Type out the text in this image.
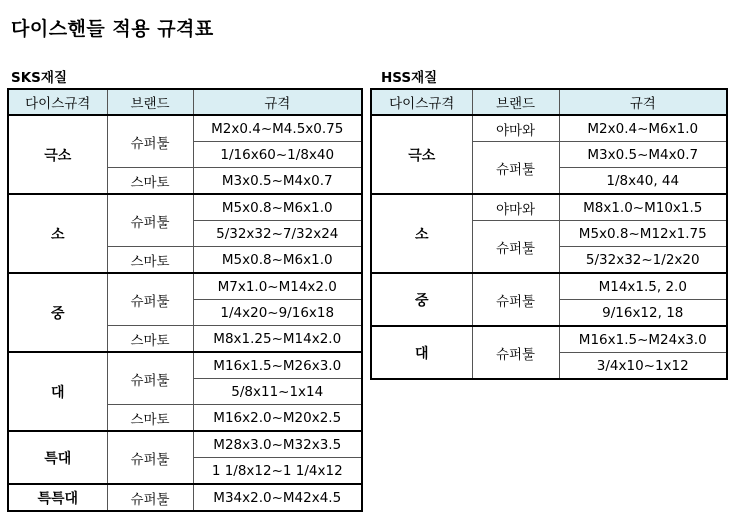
다이스핸들 적용 규격표
SKS재질
다이스규격	브랜드	규격
극소	슈퍼툴	M2x0.4~M4.5x0.75
		1/16x60~1/8x40
	스마토	M3x0.5~M4x0.7
소	슈퍼툴	M5x0.8~M6x1.0
		5/32x32~7/32x24
	스마토	M5x0.8~M6x1.0
중	슈퍼툴	M7x1.0~M14x2.0
		1/4x20~9/16x18
	스마토	M8x1.25~M14x2.0
대	슈퍼툴	M16x1.5~M26x3.0
		5/8x11~1x14
	스마토	M16x2.0~M20x2.5
특대	슈퍼툴	M28x3.0~M32x3.5
		1 1/8x12~1 1/4x12
특특대	슈퍼툴	M34x2.0~M42x4.5
HSS재질
다이스규격	브랜드	규격
극소	야마와	M2x0.4~M6x1.0
	슈퍼툴	M3x0.5~M4x0.7
		1/8x40, 44
소	야마와	M8x1.0~M10x1.5
	슈퍼툴	M5x0.8~M12x1.75
		5/32x32~1/2x20
중	슈퍼툴	M14x1.5, 2.0
		9/16x12, 18
대	슈퍼툴	M16x1.5~M24x3.0
		3/4x10~1x12
